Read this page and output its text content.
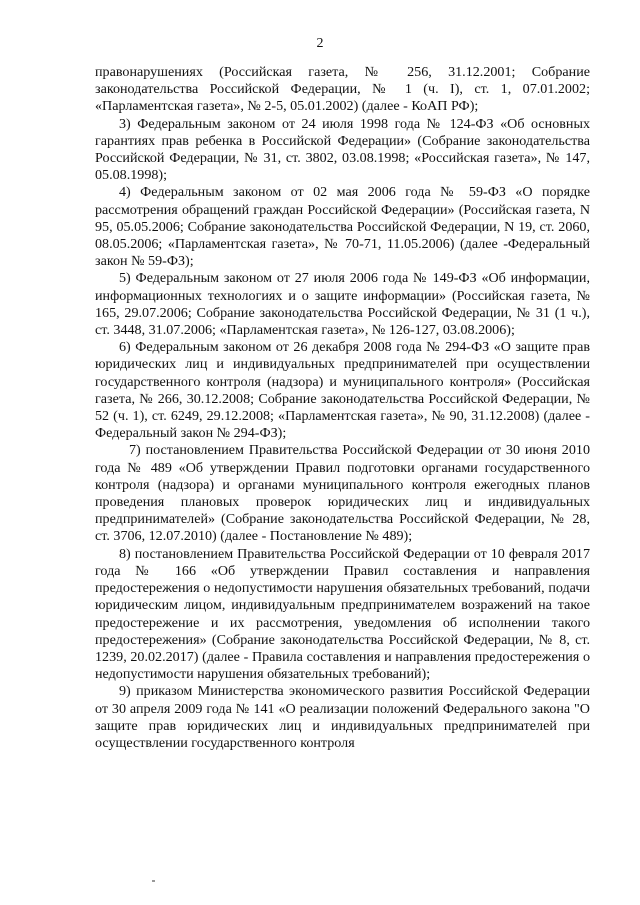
2

правонарушениях (Российская газета, № 256, 31.12.2001; Собрание законодательства Российской Федерации, № 1 (ч. I), ст. 1, 07.01.2002; «Парламентская газета», № 2-5, 05.01.2002) (далее - КоАП РФ);

3) Федеральным законом от 24 июля 1998 года № 124-ФЗ «Об основных гарантиях прав ребенка в Российской Федерации» (Собрание законодательства Российской Федерации, № 31, ст. 3802, 03.08.1998; «Российская газета», № 147, 05.08.1998);

4) Федеральным законом от 02 мая 2006 года № 59-ФЗ «О порядке рассмотрения обращений граждан Российской Федерации» (Российская газета, N 95, 05.05.2006; Собрание законодательства Российской Федерации, N 19, ст. 2060, 08.05.2006; «Парламентская газета», № 70-71, 11.05.2006) (далее -Федеральный закон № 59-ФЗ);

5) Федеральным законом от 27 июля 2006 года № 149-ФЗ «Об информации, информационных технологиях и о защите информации» (Российская газета, № 165, 29.07.2006; Собрание законодательства Российской Федерации, № 31 (1 ч.), ст. 3448, 31.07.2006; «Парламентская газета», № 126-127, 03.08.2006);

6) Федеральным законом от 26 декабря 2008 года № 294-ФЗ «О защите прав юридических лиц и индивидуальных предпринимателей при осуществлении государственного контроля (надзора) и муниципального контроля» (Российская газета, № 266, 30.12.2008; Собрание законодательства Российской Федерации, № 52 (ч. 1), ст. 6249, 29.12.2008; «Парламентская газета», № 90, 31.12.2008) (далее - Федеральный закон № 294-ФЗ);

7) постановлением Правительства Российской Федерации от 30 июня 2010 года № 489 «Об утверждении Правил подготовки органами государственного контроля (надзора) и органами муниципального контроля ежегодных планов проведения плановых проверок юридических лиц и индивидуальных предпринимателей» (Собрание законодательства Российской Федерации, № 28, ст. 3706, 12.07.2010) (далее - Постановление № 489);

8) постановлением Правительства Российской Федерации от 10 февраля 2017 года № 166 «Об утверждении Правил составления и направления предостережения о недопустимости нарушения обязательных требований, подачи юридическим лицом, индивидуальным предпринимателем возражений на такое предостережение и их рассмотрения, уведомления об исполнении такого предостережения» (Собрание законодательства Российской Федерации, № 8, ст. 1239, 20.02.2017) (далее - Правила составления и направления предостережения о недопустимости нарушения обязательных требований);

9) приказом Министерства экономического развития Российской Федерации от 30 апреля 2009 года № 141 «О реализации положений Федерального закона "О защите прав юридических лиц и индивидуальных предпринимателей при осуществлении государственного контроля
